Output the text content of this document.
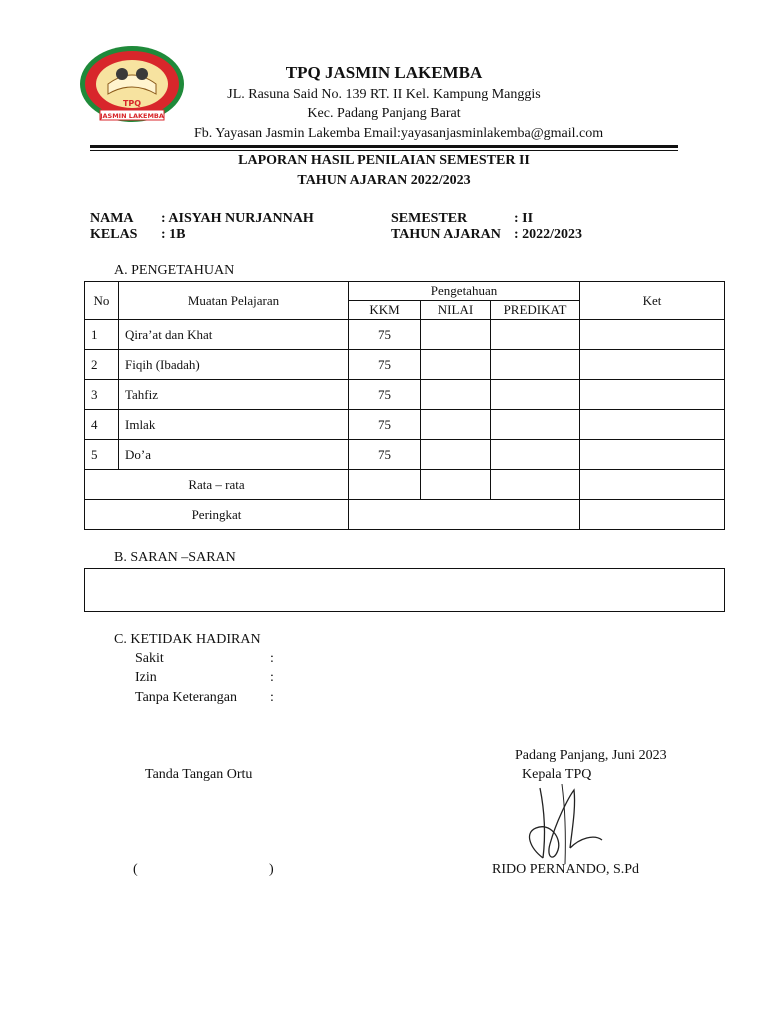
TPQ
JASMIN LAKEMBA
TPQ JASMIN LAKEMBA
JL. Rasuna Said No. 139 RT. II Kel. Kampung Manggis
Kec. Padang Panjang Barat
Fb. Yayasan Jasmin Lakemba Email:yayasanjasminlakemba@gmail.com
LAPORAN HASIL PENILAIAN SEMESTER II
TAHUN AJARAN 2022/2023
NAMA : AISYAH NURJANNAH
KELAS : 1B
SEMESTER	: II
TAHUN AJARAN : 2022/2023
A. PENGETAHUAN
No	Muatan Pelajaran	Pengetahuan			Ket
		KKM	NILAI	PREDIKAT	
1	Qira’at dan Khat	75			
2	Fiqih (Ibadah)	75			
3	Tahfiz	75			
4	Imlak	75			
5	Do’a	75			
Rata – rata					
Peringkat					
B. SARAN –SARAN
C. KETIDAK HADIRAN
Sakit	:
Izin	:
Tanpa Keterangan :
Padang Panjang, Juni 2023
Tanda Tangan Ortu	Kepala TPQ
(	)	RIDO PERNANDO, S.Pd
